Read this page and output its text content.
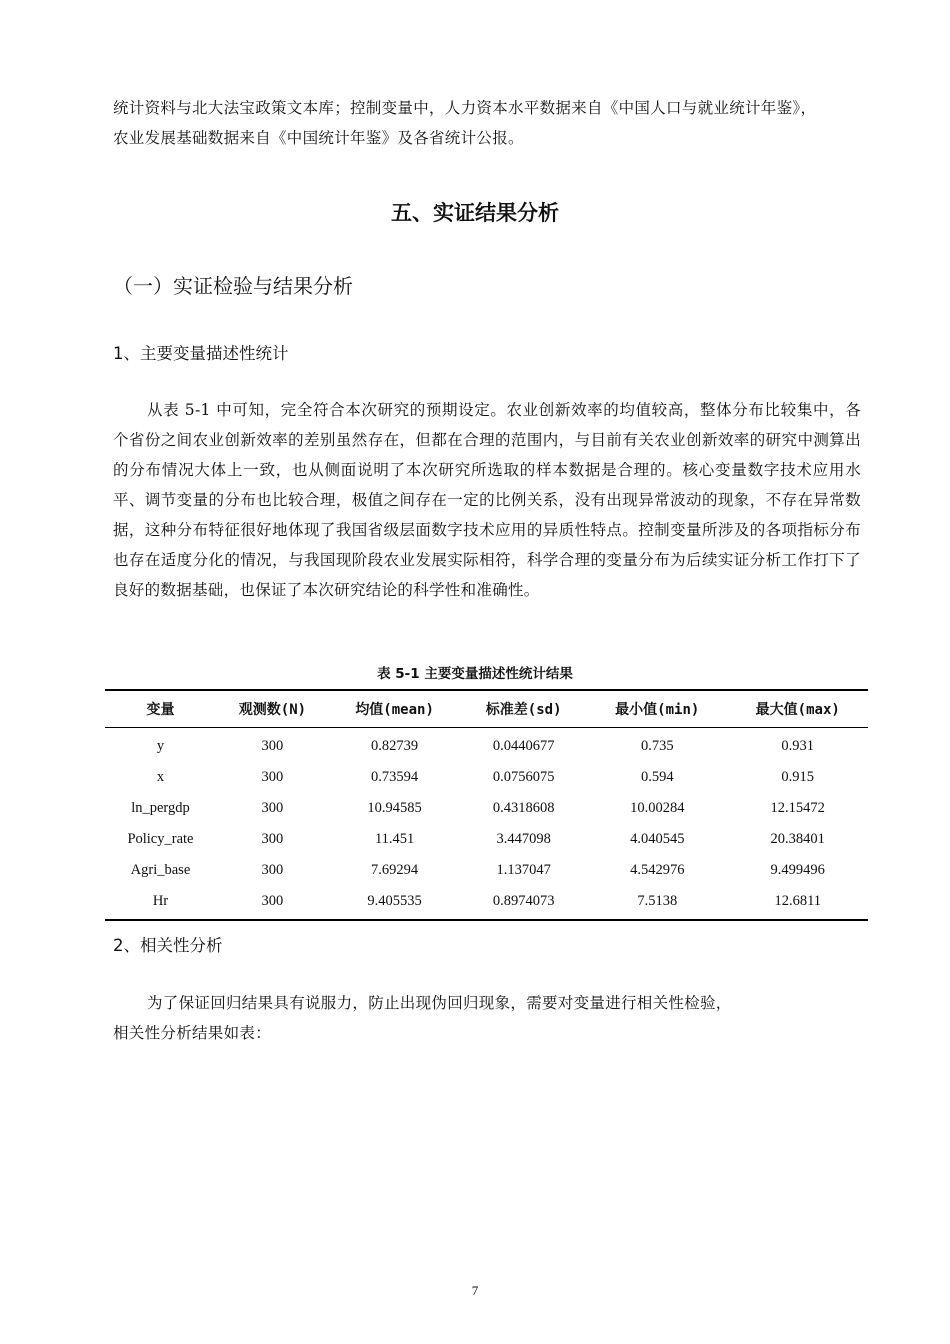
统计资料与北大法宝政策文本库；控制变量中，人力资本水平数据来自《中国人口与就业统计年鉴》，

农业发展基础数据来自《中国统计年鉴》及各省统计公报。

五、实证结果分析
（一）实证检验与结果分析
1、主要变量描述性统计

从表 5-1 中可知，完全符合本次研究的预期设定。农业创新效率的均值较高，整体分布比较集中，各个省份之间农业创新效率的差别虽然存在，但都在合理的范围内，与目前有关农业创新效率的研究中测算出的分布情况大体上一致，也从侧面说明了本次研究所选取的样本数据是合理的。核心变量数字技术应用水平、调节变量的分布也比较合理，极值之间存在一定的比例关系，没有出现异常波动的现象，不存在异常数据，这种分布特征很好地体现了我国省级层面数字技术应用的异质性特点。控制变量所涉及的各项指标分布也存在适度分化的情况，与我国现阶段农业发展实际相符，科学合理的变量分布为后续实证分析工作打下了良好的数据基础，也保证了本次研究结论的科学性和准确性。

表 5-1 主要变量描述性统计结果
变量	观测数(N)	均值(mean)	标准差(sd)	最小值(min)	最大值(max)
y	300	0.82739	0.0440677	0.735	0.931
x	300	0.73594	0.0756075	0.594	0.915
ln_pergdp	300	10.94585	0.4318608	10.00284	12.15472
Policy_rate	300	11.451	3.447098	4.040545	20.38401
Agri_base	300	7.69294	1.137047	4.542976	9.499496
Hr	300	9.405535	0.8974073	7.5138	12.6811
2、相关性分析

为了保证回归结果具有说服力，防止出现伪回归现象，需要对变量进行相关性检验，

相关性分析结果如表：

7
